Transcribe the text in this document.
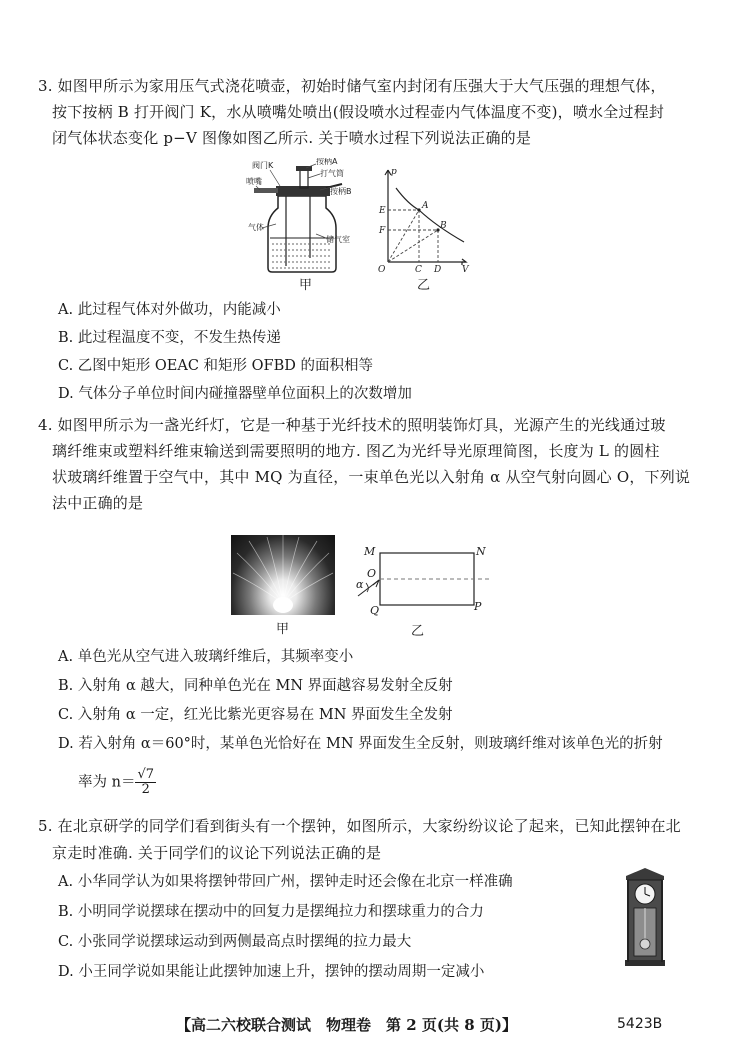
3. 如图甲所示为家用压气式浇花喷壶，初始时储气室内封闭有压强大于大气压强的理想气体，
按下按柄 B 打开阀门 K，水从喷嘴处喷出(假设喷水过程壶内气体温度不变)，喷水全过程封
闭气体状态变化 p−V 图像如图乙所示. 关于喷水过程下列说法正确的是
阀门K
喷嘴
按柄A
打气筒
按柄B
气体
储气室
甲
p
V
O
A
B
C D
E
F
乙
A. 此过程气体对外做功，内能减小
B. 此过程温度不变，不发生热传递
C. 乙图中矩形 OEAC 和矩形 OFBD 的面积相等
D. 气体分子单位时间内碰撞器壁单位面积上的次数增加
4. 如图甲所示为一盏光纤灯，它是一种基于光纤技术的照明装饰灯具，光源产生的光线通过玻
璃纤维束或塑料纤维束输送到需要照明的地方. 图乙为光纤导光原理简图，长度为 L 的圆柱
状玻璃纤维置于空气中，其中 MQ 为直径，一束单色光以入射角 α 从空气射向圆心 O，下列说
法中正确的是
甲
M	N
O
Q	P
α
乙
A. 单色光从空气进入玻璃纤维后，其频率变小
B. 入射角 α 越大，同种单色光在 MN 界面越容易发射全反射
C. 入射角 α 一定，红光比紫光更容易在 MN 界面发生全发射
D. 若入射角 α＝60°时，某单色光恰好在 MN 界面发生全反射，则玻璃纤维对该单色光的折射
率为 $n= \frac{√7}{2}$
5. 在北京研学的同学们看到街头有一个摆钟，如图所示，大家纷纷议论了起来，已知此摆钟在北
京走时准确. 关于同学们的议论下列说法正确的是
A. 小华同学认为如果将摆钟带回广州，摆钟走时还会像在北京一样准确
B. 小明同学说摆球在摆动中的回复力是摆绳拉力和摆球重力的合力
C. 小张同学说摆球运动到两侧最高点时摆绳的拉力最大
D. 小王同学说如果能让此摆钟加速上升，摆钟的摆动周期一定减小
【高二六校联合测试　物理卷　第 2 页(共 8 页)】	5423B
